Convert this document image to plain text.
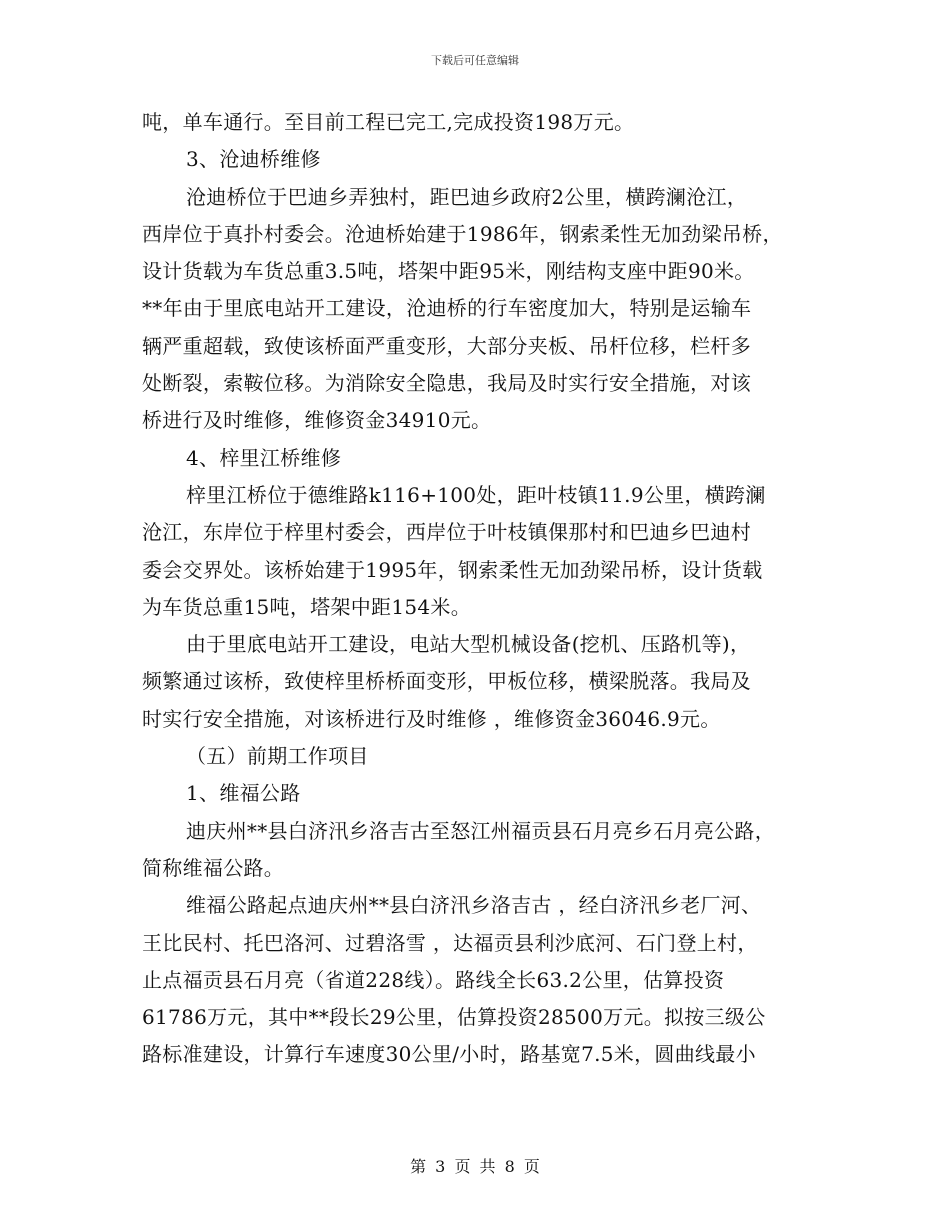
下载后可任意编辑
吨，单车通行。至目前工程已完工,完成投资198万元。
3、沧迪桥维修
沧迪桥位于巴迪乡弄独村，距巴迪乡政府2公里，横跨澜沧江，
西岸位于真扑村委会。沧迪桥始建于1986年，钢索柔性无加劲梁吊桥，
设计货载为车货总重3.5吨，塔架中距95米，刚结构支座中距90米。
**年由于里底电站开工建设，沧迪桥的行车密度加大，特别是运输车
辆严重超载，致使该桥面严重变形，大部分夹板、吊杆位移，栏杆多
处断裂，索鞍位移。为消除安全隐患，我局及时实行安全措施，对该
桥进行及时维修，维修资金34910元。
4、梓里江桥维修
梓里江桥位于德维路k116+100处，距叶枝镇11.9公里，横跨澜
沧江，东岸位于梓里村委会，西岸位于叶枝镇倮那村和巴迪乡巴迪村
委会交界处。该桥始建于1995年，钢索柔性无加劲梁吊桥，设计货载
为车货总重15吨，塔架中距154米。
由于里底电站开工建设，电站大型机械设备(挖机、压路机等)，
频繁通过该桥，致使梓里桥桥面变形，甲板位移，横梁脱落。我局及
时实行安全措施，对该桥进行及时维修 ，维修资金36046.9元。
（五）前期工作项目
1、维福公路
迪庆州**县白济汛乡洛吉古至怒江州福贡县石月亮乡石月亮公路，
简称维福公路。
维福公路起点迪庆州**县白济汛乡洛吉古 ，经白济汛乡老厂河、
王比民村、托巴洛河、过碧洛雪 ，达福贡县利沙底河、石门登上村，
止点福贡县石月亮（省道228线）。路线全长63.2公里，估算投资
61786万元，其中**段长29公里，估算投资28500万元。拟按三级公
路标准建设，计算行车速度30公里/小时，路基宽7.5米，圆曲线最小
第 3 页 共 8 页
